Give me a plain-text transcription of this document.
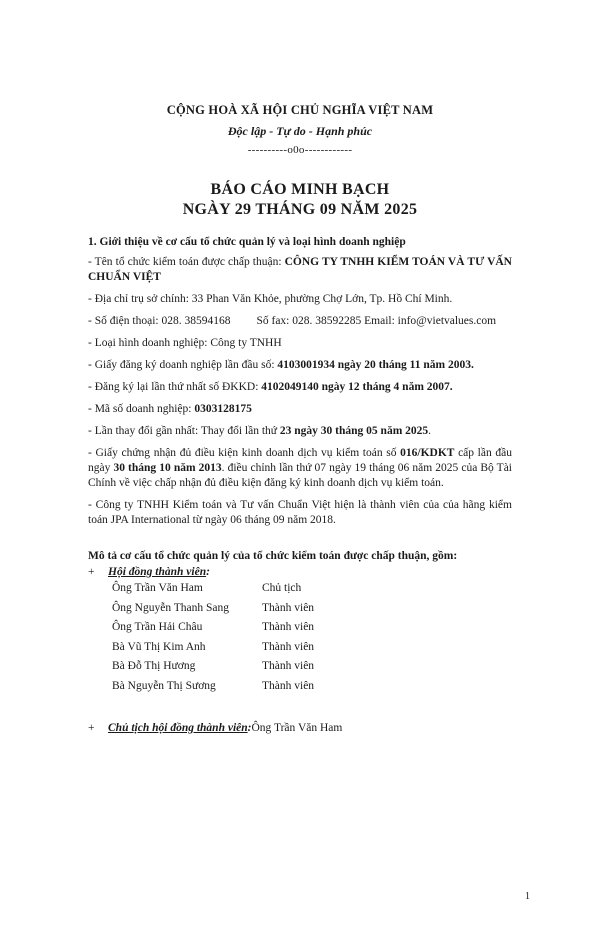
CỘNG HOÀ XÃ HỘI CHỦ NGHĨA VIỆT NAM
Độc lập - Tự do - Hạnh phúc
----------o0o------------
BÁO CÁO MINH BẠCH
NGÀY 29 THÁNG 09 NĂM 2025
1. Giới thiệu về cơ cấu tổ chức quản lý và loại hình doanh nghiệp
- Tên tổ chức kiểm toán được chấp thuận: CÔNG TY TNHH KIỂM TOÁN VÀ TƯ VẤN CHUẨN VIỆT
- Địa chỉ trụ sở chính: 33 Phan Văn Khỏe, phường Chợ Lớn, Tp. Hồ Chí Minh.
- Số điện thoại: 028. 38594168 Số fax: 028. 38592285 Email: info@vietvalues.com
- Loại hình doanh nghiệp: Công ty TNHH
- Giấy đăng ký doanh nghiệp lần đầu số: 4103001934 ngày 20 tháng 11 năm 2003.
- Đăng ký lại lần thứ nhất số ĐKKD: 4102049140 ngày 12 tháng 4 năm 2007.
- Mã số doanh nghiệp: 0303128175
- Lần thay đổi gần nhất: Thay đổi lần thứ 23 ngày 30 tháng 05 năm 2025.
- Giấy chứng nhận đủ điều kiện kinh doanh dịch vụ kiểm toán số 016/KDKT cấp lần đầu ngày 30 tháng 10 năm 2013. điều chỉnh lần thứ 07 ngày 19 tháng 06 năm 2025 của Bộ Tài Chính về việc chấp nhận đủ điều kiện đăng ký kinh doanh dịch vụ kiểm toán.
- Công ty TNHH Kiểm toán và Tư vấn Chuẩn Việt hiện là thành viên của của hãng kiểm toán JPA International từ ngày 06 tháng 09 năm 2018.
Mô tả cơ cấu tổ chức quản lý của tổ chức kiểm toán được chấp thuận, gồm:
+	Hội đồng thành viên :
Ông Trần Văn Ham	Chủ tịch
Ông Nguyễn Thanh Sang	Thành viên
Ông Trần Hải Châu	Thành viên
Bà Vũ Thị Kim Anh	Thành viên
Bà Đỗ Thị Hương	Thành viên
Bà Nguyễn Thị Sương	Thành viên
+	Chủ tịch hội đồng thành viên : Ông Trần Văn Ham
1
